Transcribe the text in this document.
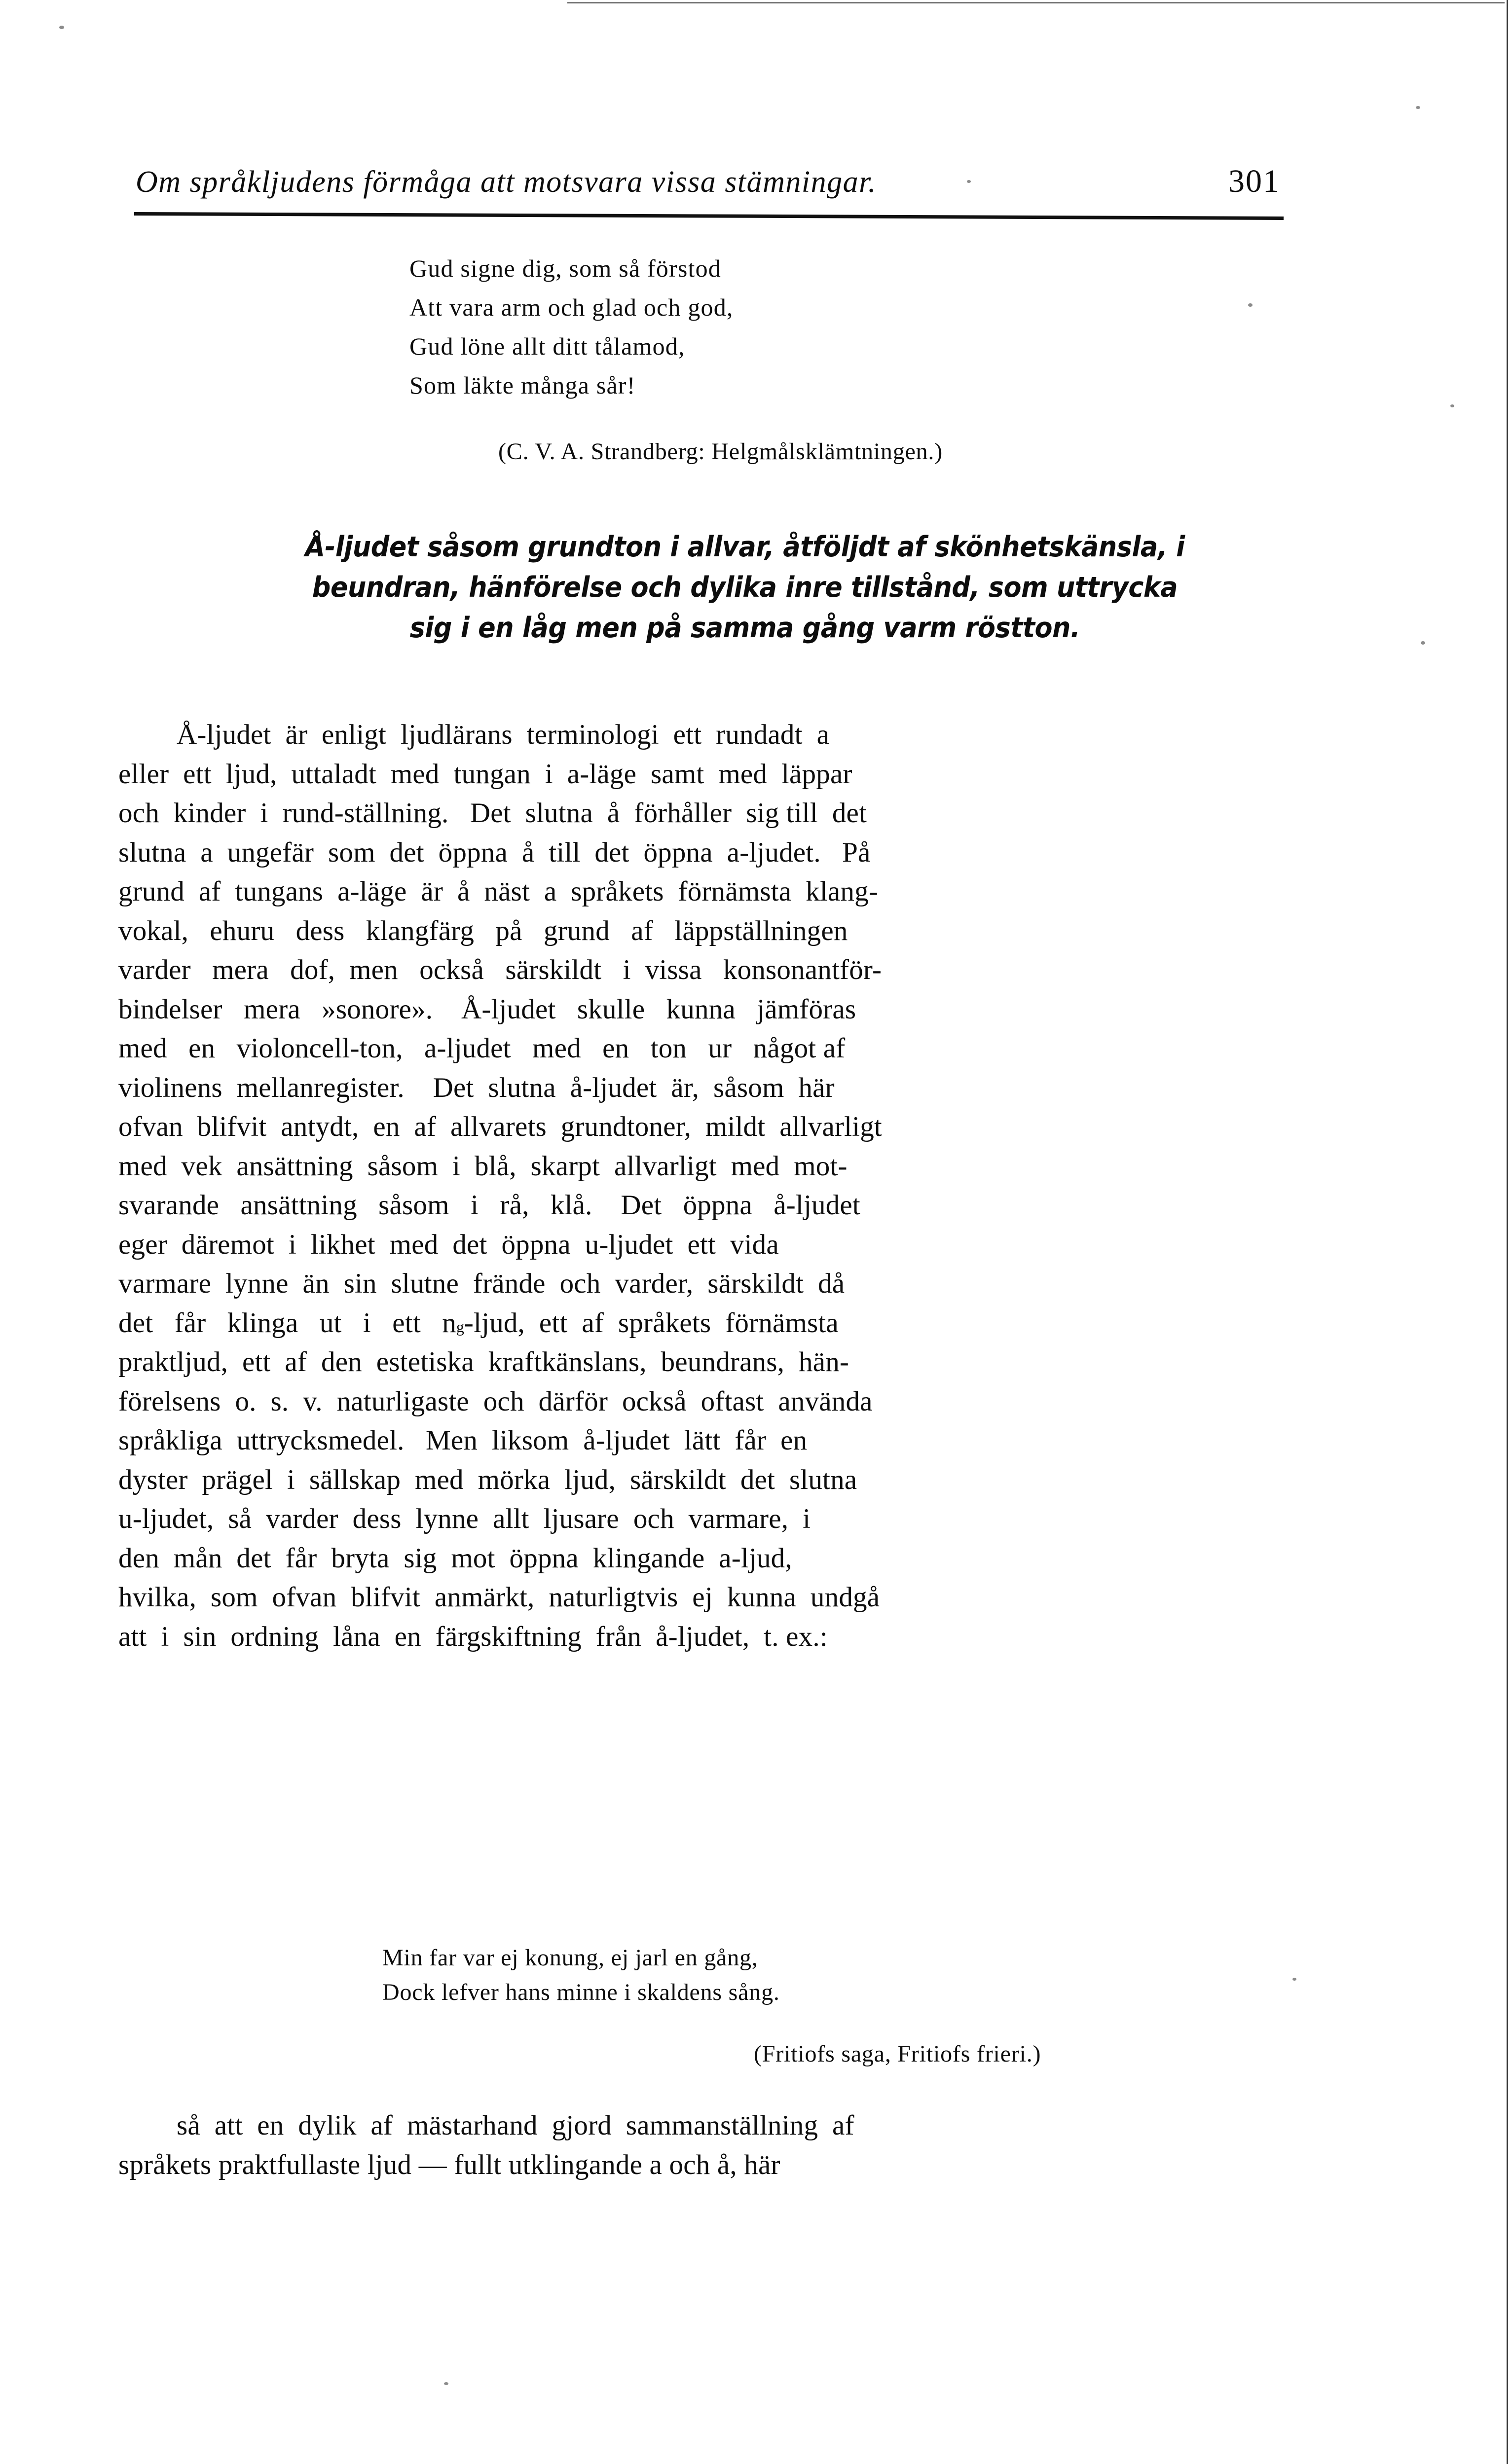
Om språkljudens förmåga att motsvara vissa stämningar.	301
Gud signe dig, som så förstod
Att vara arm och glad och god,
Gud löne allt ditt tålamod,
Som läkte många sår!
(C. V. A. Strandberg: Helgmålsklämtningen.)
Å-ljudet såsom grundton i allvar, åtföljdt af skönhetskänsla, i
beundran, hänförelse och dylika inre tillstånd, som uttrycka
sig i en låg men på samma gång varm röstton.
Å-ljudet  är  enligt  ljudlärans  terminologi  ett  rundadt  a
eller  ett  ljud,  uttaladt  med  tungan  i  a-läge  samt  med  läppar
och  kinder  i  rund-ställning.   Det  slutna  å  förhåller  sig till  det
slutna  a  ungefär  som  det  öppna  å  till  det  öppna  a-ljudet.   På
grund  af  tungans  a-läge  är  å  näst  a  språkets  förnämsta  klang-
vokal,   ehuru   dess   klangfärg   på   grund   af   läppställningen
varder   mera   dof,  men   också   särskildt   i  vissa   konsonantför-
bindelser   mera   »sonore».    Å-ljudet   skulle   kunna   jämföras
med   en   violoncell-ton,   a-ljudet   med   en   ton   ur   något af
violinens  mellanregister.    Det  slutna  å-ljudet  är,  såsom  här
ofvan  blifvit  antydt,  en  af  allvarets  grundtoner,  mildt  allvarligt
med  vek  ansättning  såsom  i  blå,  skarpt  allvarligt  med  mot-
svarande   ansättning   såsom   i   rå,   klå.    Det   öppna   å-ljudet
eger  däremot  i  likhet  med  det  öppna  u-ljudet  ett  vida
varmare  lynne  än  sin  slutne  frände  och  varder,  särskildt  då
det   får   klinga   ut   i   ett   n g -ljud,  ett  af  språkets  förnämsta
praktljud,  ett  af  den  estetiska  kraftkänslans,  beundrans,  hän-
förelsens  o.  s.  v.  naturligaste  och  därför  också  oftast  använda
språkliga  uttrycksmedel.   Men  liksom  å-ljudet  lätt  får  en
dyster  prägel  i  sällskap  med  mörka  ljud,  särskildt  det  slutna
u-ljudet,  så  varder  dess  lynne  allt  ljusare  och  varmare,  i
den  mån  det  får  bryta  sig  mot  öppna  klingande  a-ljud,
hvilka,  som  ofvan  blifvit  anmärkt,  naturligtvis  ej  kunna  undgå
att  i  sin  ordning  låna  en  färgskiftning  från  å-ljudet,  t. ex.:
Min far var ej konung, ej jarl en gång,
Dock lefver hans minne i skaldens sång.
(Fritiofs saga, Fritiofs frieri.)
så  att  en  dylik  af  mästarhand  gjord  sammanställning  af
språkets praktfullaste ljud — fullt utklingande a och å, här
